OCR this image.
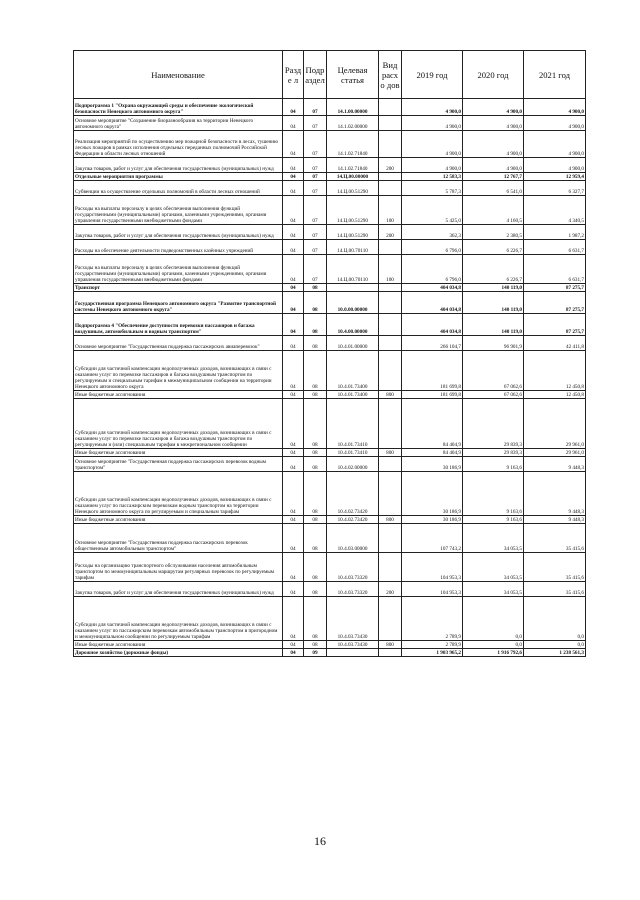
Наименование	Разде л	Подр аздел	Целевая статья	Вид расхо дов	2019 год	2020 год	2021 год
Подпрограмма 1 "Охрана окружающей среды и обеспечение экологической безопасности Ненецкого автономного округа"	04	07	14.1.00.00000		4 900,0	4 900,0	4 900,0
Основное мероприятие "Сохранение биоразнообразия на территории Ненецкого автономного округа"	04	07	14.1.02.00000		4 900,0	4 900,0	4 900,0
Реализация мероприятий по осуществлению мер пожарной безопасности в лесах, тушению лесных пожаров в рамках исполнения отдельных переданных полномочий Российской Федерации в области лесных отношений	04	07	14.1.02.71840		4 900,0	4 900,0	4 900,0
Закупка товаров, работ и услуг для обеспечения государственных (муниципальных) нужд	04	07	14.1.02.71840	200	4 900,0	4 900,0	4 900,0
Отдельные мероприятия программы	04	07	14.Ц.00.00000		12 583,3	12 767,7	12 959,4
Субвенции на осуществление отдельных полномочий в области лесных отношений	04	07	14.Ц.00.51290		5 787,3	6 541,0	6 327,7
Расходы на выплаты персоналу в целях обеспечения выполнения функций государственными (муниципальными) органами, казенными учреждениями, органами управления государственными внебюджетными фондами	04	07	14.Ц.00.51290	100	5 425,0	4 160,5	4 340,5
Закупка товаров, работ и услуг для обеспечения государственных (муниципальных) нужд	04	07	14.Ц.00.51290	200	362,3	2 380,5	1 987,2
Расходы на обеспечение деятельности подведомственных казённых учреждений	04	07	14.Ц.00.70110		6 796,0	6 226,7	6 631,7
Расходы на выплаты персоналу в целях обеспечения выполнения функций государственными (муниципальными) органами, казенными учреждениями, органами управления государственными внебюджетными фондами	04	07	14.Ц.00.70110	100	6 796,0	6 226,7	6 631,7
Транспорт	04	08			404 034,8	140 119,0	87 275,7
Государственная программа Ненецкого автономного округа "Развитие транспортной системы Ненецкого автономного округа"	04	08	10.0.00.00000		404 034,8	140 119,0	87 275,7
Подпрограмма 4 "Обеспечение доступности перевозки пассажиров и багажа воздушным, автомобильным и водным транспортом"	04	08	10.4.00.00000		404 034,8	140 119,0	87 275,7
Основное мероприятие "Государственная поддержка пассажирских авиаперевозок"	04	08	10.4.01.00000		266 104,7	96 901,9	42 411,8
Субсидии для частичной компенсации недополученных доходов, возникающих в связи с оказанием услуг по перевозке пассажиров и багажа воздушным транспортом по регулируемым и специальным тарифам в межмуниципальном сообщении на территории Ненецкого автономного округа	04	08	10.4.01.73400		181 699,8	67 062,6	12 450,8
Иные бюджетные ассигнования	04	08	10.4.01.73400	800	181 699,8	67 062,6	12 450,8
Субсидии для частичной компенсации недополученных доходов, возникающих в связи с оказанием услуг по перевозке пассажиров и багажа воздушным транспортом по регулируемым и (или) специальным тарифам в межрегиональном сообщении	04	08	10.4.01.73410		84 404,9	29 839,3	29 961,0
Иные бюджетные ассигнования	04	08	10.4.01.73410	800	84 404,9	29 839,3	29 961,0
Основное мероприятие "Государственная поддержка пассажирских перевозок водным транспортом"	04	08	10.4.02.00000		30 186,9	9 163,6	9 448,3
Субсидии для частичной компенсации недополученных доходов, возникающих в связи с оказанием услуг по пассажирским перевозкам водным транспортом на территории Ненецкого автономного округа по регулируемым и специальным тарифам	04	08	10.4.02.73420		30 186,9	9 163,6	9 448,3
Иные бюджетные ассигнования	04	08	10.4.02.73420	800	30 186,9	9 163,6	9 448,3
Основное мероприятие "Государственная поддержка пассажирских перевозок общественным автомобильным транспортом"	04	08	10.4.03.00000		107 743,2	34 053,5	35 415,6
Расходы на организацию транспортного обслуживания населения автомобильным транспортом по межмуниципальным маршрутам регулярных перевозок по регулируемым тарифам	04	08	10.4.03.73320		104 953,3	34 053,5	35 415,6
Закупка товаров, работ и услуг для обеспечения государственных (муниципальных) нужд	04	08	10.4.03.73320	200	104 953,3	34 053,5	35 415,6
Субсидии для частичной компенсации недополученных доходов, возникающих в связи с оказанием услуг по пассажирским перевозкам автомобильным транспортом в пригородном и межмуниципальном сообщении по регулируемым тарифам	04	08	10.4.03.73430		2 789,9	0,0	0,0
Иные бюджетные ассигнования	04	08	10.4.03.73430	800	2 789,9	0,0	0,0
Дорожное хозяйство (дорожные фонды)	04	09			1 903 965,2	1 916 792,6	1 238 561,3
16
